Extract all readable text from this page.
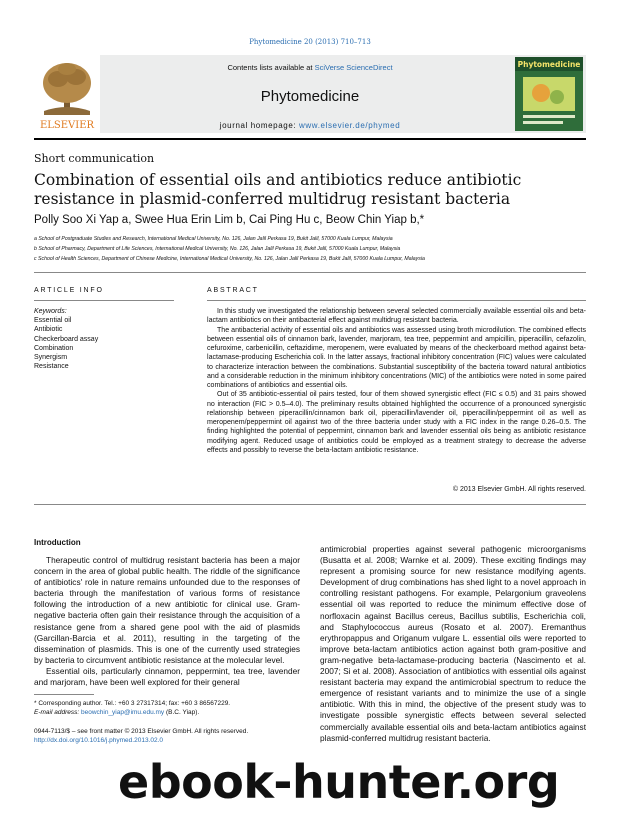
Phytomedicine 20 (2013) 710–713
ELSEVIER
Contents lists available at SciVerse ScienceDirect
Phytomedicine
journal homepage: www.elsevier.de/phymed
Phytomedicine
Short communication
Combination of essential oils and antibiotics reduce antibiotic resistance in plasmid-conferred multidrug resistant bacteria
Polly Soo Xi Yap a, Swee Hua Erin Lim b, Cai Ping Hu c, Beow Chin Yiap b,*
a School of Postgraduate Studies and Research, International Medical University, No. 126, Jalan Jalil Perkasa 19, Bukit Jalil, 57000 Kuala Lumpur, Malaysia
b School of Pharmacy, Department of Life Sciences, International Medical University, No. 126, Jalan Jalil Perkasa 19, Bukit Jalil, 57000 Kuala Lumpur, Malaysia
c School of Health Sciences, Department of Chinese Medicine, International Medical University, No. 126, Jalan Jalil Perkasa 19, Bukit Jalil, 57000 Kuala Lumpur, Malaysia
ARTICLE INFO	ABSTRACT
Keywords:
Essential oil
Antibiotic
Checkerboard assay
Combination
Synergism
Resistance

In this study we investigated the relationship between several selected commercially available essential oils and beta-lactam antibiotics on their antibacterial effect against multidrug resistant bacteria.

The antibacterial activity of essential oils and antibiotics was assessed using broth microdilution. The combined effects between essential oils of cinnamon bark, lavender, marjoram, tea tree, peppermint and ampicillin, piperacillin, cefazolin, cefuroxime, carbenicillin, ceftazidime, meropenem, were evaluated by means of the checkerboard method against beta-lactamase-producing Escherichia coli. In the latter assays, fractional inhibitory concentration (FIC) values were calculated to characterize interaction between the combinations. Substantial susceptibility of the bacteria toward natural antibiotics and a considerable reduction in the minimum inhibitory concentrations (MIC) of the antibiotics were noted in some paired combinations of antibiotics and essential oils.

Out of 35 antibiotic-essential oil pairs tested, four of them showed synergistic effect (FIC ≤ 0.5) and 31 pairs showed no interaction (FIC > 0.5–4.0). The preliminary results obtained highlighted the occurrence of a pronounced synergistic relationship between piperacillin/cinnamon bark oil, piperacillin/lavender oil, piperacillin/peppermint oil as well as meropenem/peppermint oil against two of the three bacteria under study with a FIC index in the range 0.26–0.5. The finding highlighted the potential of peppermint, cinnamon bark and lavender essential oils being as antibiotic resistance modifying agent. Reduced usage of antibiotics could be employed as a treatment strategy to decrease the adverse effects and possibly to reverse the beta-lactam antibiotic resistance.

© 2013 Elsevier GmbH. All rights reserved.
Introduction

Therapeutic control of multidrug resistant bacteria has been a major concern in the area of global public health. The riddle of the significance of antibiotics' role in nature remains unfounded due to the responses of bacteria through the manifestation of various forms of resistance following the introduction of a new antibiotic for clinical use. Gram-negative bacteria often gain their resistance through the acquisition of a resistance gene from a shared gene pool with the aid of plasmids (Garcillan-Barcia et al. 2011), resulting in the targeting of the dissemination of plasmids. This is one of the currently used strategies by bacteria to circumvent antibiotic resistance at the molecular level.

Essential oils, particularly cinnamon, peppermint, tea tree, lavender and marjoram, have been well explored for their general

antimicrobial properties against several pathogenic microorganisms (Busatta et al. 2008; Warnke et al. 2009). These exciting findings may represent a promising source for new resistance modifying agents. Development of drug combinations has shed light to a novel approach in controlling resistant pathogens. For example, Pelargonium graveolens essential oil was reported to reduce the minimum effective dose of norfloxacin against Bacillus cereus, Bacillus subtilis, Escherichia coli, and Staphylococcus aureus (Rosato et al. 2007). Eremanthus erythropappus and Origanum vulgare L. essential oils were reported to improve beta-lactam antibiotics action against both gram-positive and gram-negative beta-lactamase-producing bacteria (Nascimento et al. 2007; Si et al. 2008). Association of antibiotics with essential oils against resistant bacteria may expand the antimicrobial spectrum to reduce the emergence of resistant variants and to minimize the use of a single antibiotic. With this in mind, the objective of the present study was to investigate possible synergistic effects between several selected commercially available essential oils and beta-lactam antibiotics against plasmid-conferred multidrug resistant bacteria.

* Corresponding author. Tel.: +60 3 27317314; fax: +60 3 86567229.
E-mail address: beowchin_yiap@imu.edu.my (B.C. Yiap).
0944-7113/$ – see front matter © 2013 Elsevier GmbH. All rights reserved.
http://dx.doi.org/10.1016/j.phymed.2013.02.0
ebook-hunter.org
